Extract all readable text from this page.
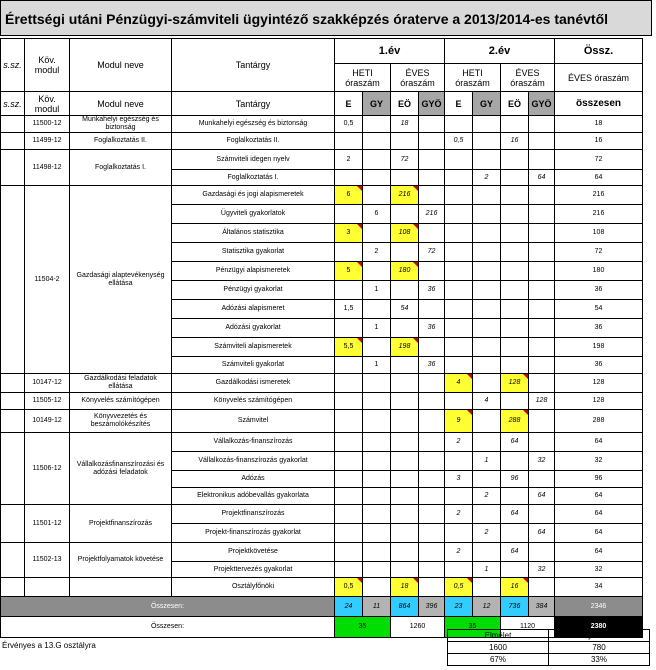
Érettségi utáni Pénzügyi-számviteli ügyintéző szakképzés óraterve a 2013/2014-es tanévtől
s.sz.	Köv. modul	Modul neve	Tantárgy	1.év				2.év				Össz.
				HETI óraszám		ÉVES óraszám		HETI óraszám		ÉVES óraszám		ÉVES óraszám
s.sz.	Köv. modul	Modul neve	Tantárgy	E	GY	EÖ	GYÖ	E	GY	EÖ	GYÖ	összesen
	11500-12	Munkahelyi egészség és biztonság	Munkahelyi egészség és biztonság	0,5		18						18
	11499-12	Foglalkoztatás II.	Foglalkoztatás II.					0,5		16		16
	11498-12	Foglalkoztatás I.	Számviteli idegen nyelv	2		72						72
			Foglalkoztatás I.						2		64	64
	11504-2	Gazdasági alaptevékenység ellátása	Gazdasági és jogi alapismeretek	6		216						216
			Ügyviteli gyakorlatok		6		216					216
			Általános statisztika	3		108						108
			Statisztika gyakorlat		2		72					72
			Pénzügyi alapismeretek	5		180						180
			Pénzügyi gyakorlat		1		36					36
			Adózási alapismeret	1,5		54						54
			Adózási gyakorlat		1		36					36
			Számviteli alapismeretek	5,5		198						198
			Számviteli gyakorlat		1		36					36
	10147-12	Gazdálkodási feladatok ellátása	Gazdálkodási ismeretek					4		128		128
	11505-12	Könyvelés számítógépen	Könyvelés számítógépen						4		128	128
	10149-12	Könyvvezetés és beszámolókészítés	Számvitel					9		288		288
	11506-12	Vállalkozásfinanszírozási és adózási feladatok	Vállalkozás-finanszírozás					2		64		64
			Vállalkozás-finanszírozás gyakorlat						1		32	32
			Adózás					3		96		96
			Elektronikus adóbevallás gyakorlata						2		64	64
	11501-12	Projektfinanszírozás	Projektfinanszírozás					2		64		64
			Projekt-finanszírozás gyakorlat						2		64	64
	11502-13	Projektfolyamatok követése	Projektkövetése					2		64		64
			Projekttervezés gyakorlat						1		32	32
			Osztályfőnöki	0,5		18		0,5		16		34
Összesen:				24	11	864	396	23	12	736	384	2346
Összesen:				35		1260		35		1120		2380
Érvényes a 13.G osztályra
Elmélet	Gyakorlat
1600	780
67%	33%
